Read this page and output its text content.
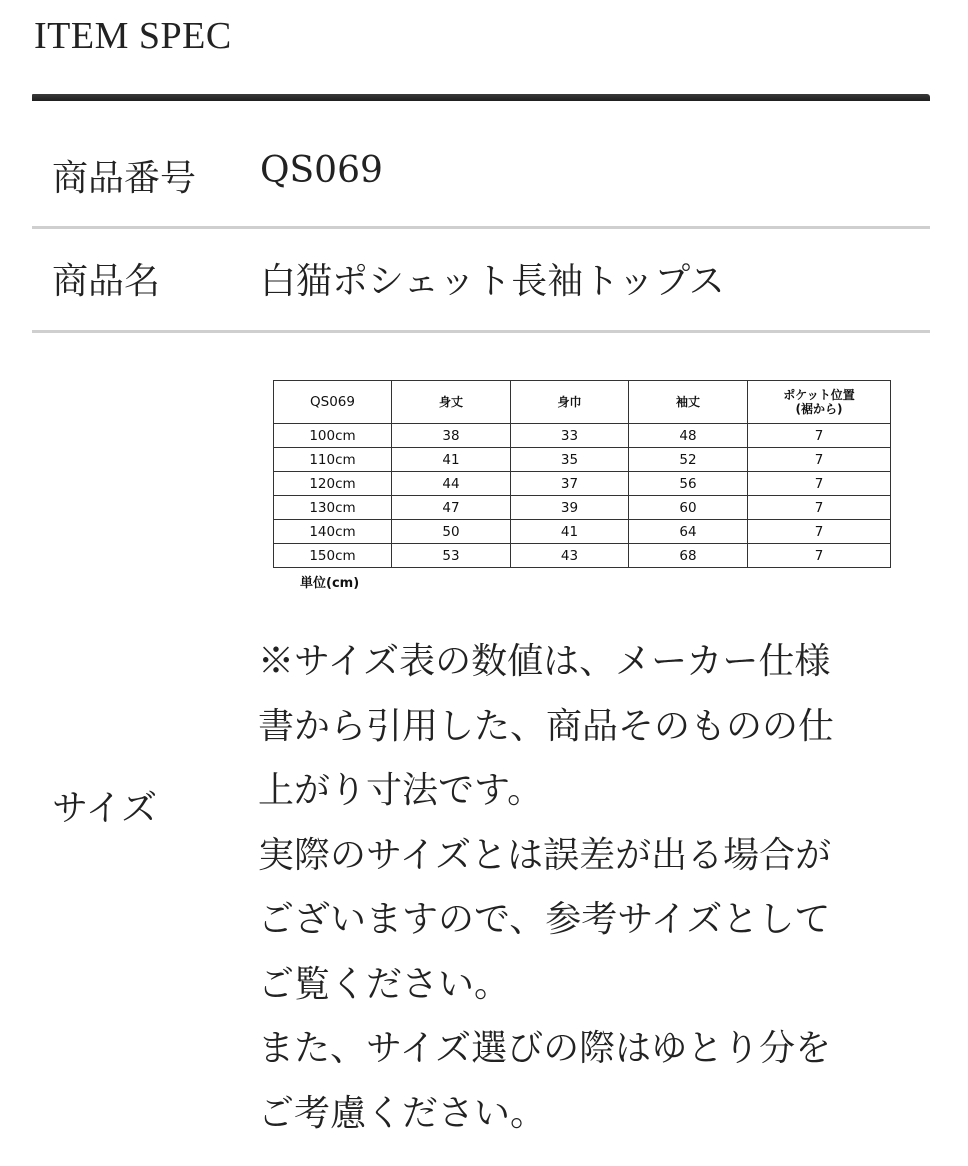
ITEM SPEC
商品番号 QS069
商品名	白猫ポシェット長袖トップス
QS069	身丈	身巾	袖丈	ポケット位置
(裾から)

100cm	38	33	48	7
110cm	41	35	52	7
120cm	44	37	56	7
130cm	47	39	60	7
140cm	50	41	64	7
150cm	53	43	68	7
単位(cm)
サイズ
※サイズ表の数値は、メーカー仕様
書から引用した、商品そのものの仕
上がり寸法です。
実際のサイズとは誤差が出る場合が
ございますので、参考サイズとして
ご覧ください。
また、サイズ選びの際はゆとり分を
ご考慮ください。
